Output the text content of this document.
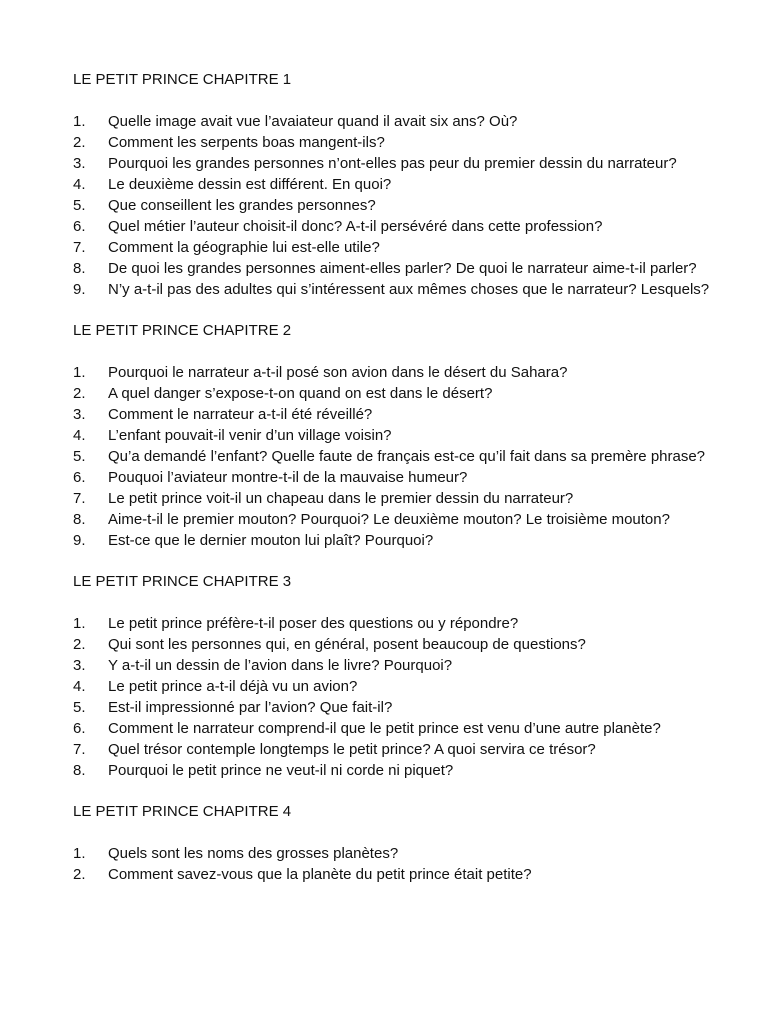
LE PETIT PRINCE CHAPITRE 1
1. Quelle image avait vue l’avaiateur quand il avait six ans? Où?
2. Comment les serpents boas mangent-ils?
3. Pourquoi les grandes personnes n’ont-elles pas peur du premier dessin du narrateur?
4. Le deuxième dessin est différent. En quoi?
5. Que conseillent les grandes personnes?
6. Quel métier l’auteur choisit-il donc? A-t-il persévéré dans cette profession?
7. Comment la géographie lui est-elle utile?
8. De quoi les grandes personnes aiment-elles parler? De quoi le narrateur aime-t-il parler?
9. N’y a-t-il pas des adultes qui s’intéressent aux mêmes choses que le narrateur? Lesquels?
LE PETIT PRINCE CHAPITRE 2
1. Pourquoi le narrateur a-t-il posé son avion dans le désert du Sahara?
2. A quel danger s’expose-t-on quand on est dans le désert?
3. Comment le narrateur a-t-il été réveillé?
4. L’enfant pouvait-il venir d’un village voisin?
5. Qu’a demandé l’enfant? Quelle faute de français est-ce qu’il fait dans sa premère phrase?
6. Pouquoi l’aviateur montre-t-il de la mauvaise humeur?
7. Le petit prince voit-il un chapeau dans le premier dessin du narrateur?
8. Aime-t-il le premier mouton? Pourquoi? Le deuxième mouton? Le troisième mouton?
9. Est-ce que le dernier mouton lui plaît? Pourquoi?
LE PETIT PRINCE CHAPITRE 3
1. Le petit prince préfère-t-il poser des questions ou y répondre?
2. Qui sont les personnes qui, en général, posent beaucoup de questions?
3. Y a-t-il un dessin de l’avion dans le livre? Pourquoi?
4. Le petit prince a-t-il déjà vu un avion?
5. Est-il impressionné par l’avion? Que fait-il?
6. Comment le narrateur comprend-il que le petit prince est venu d’une autre planète?
7. Quel trésor contemple longtemps le petit prince? A quoi servira ce trésor?
8. Pourquoi le petit prince ne veut-il ni corde ni piquet?
LE PETIT PRINCE CHAPITRE 4
1. Quels sont les noms des grosses planètes?
2. Comment savez-vous que la planète du petit prince était petite?
